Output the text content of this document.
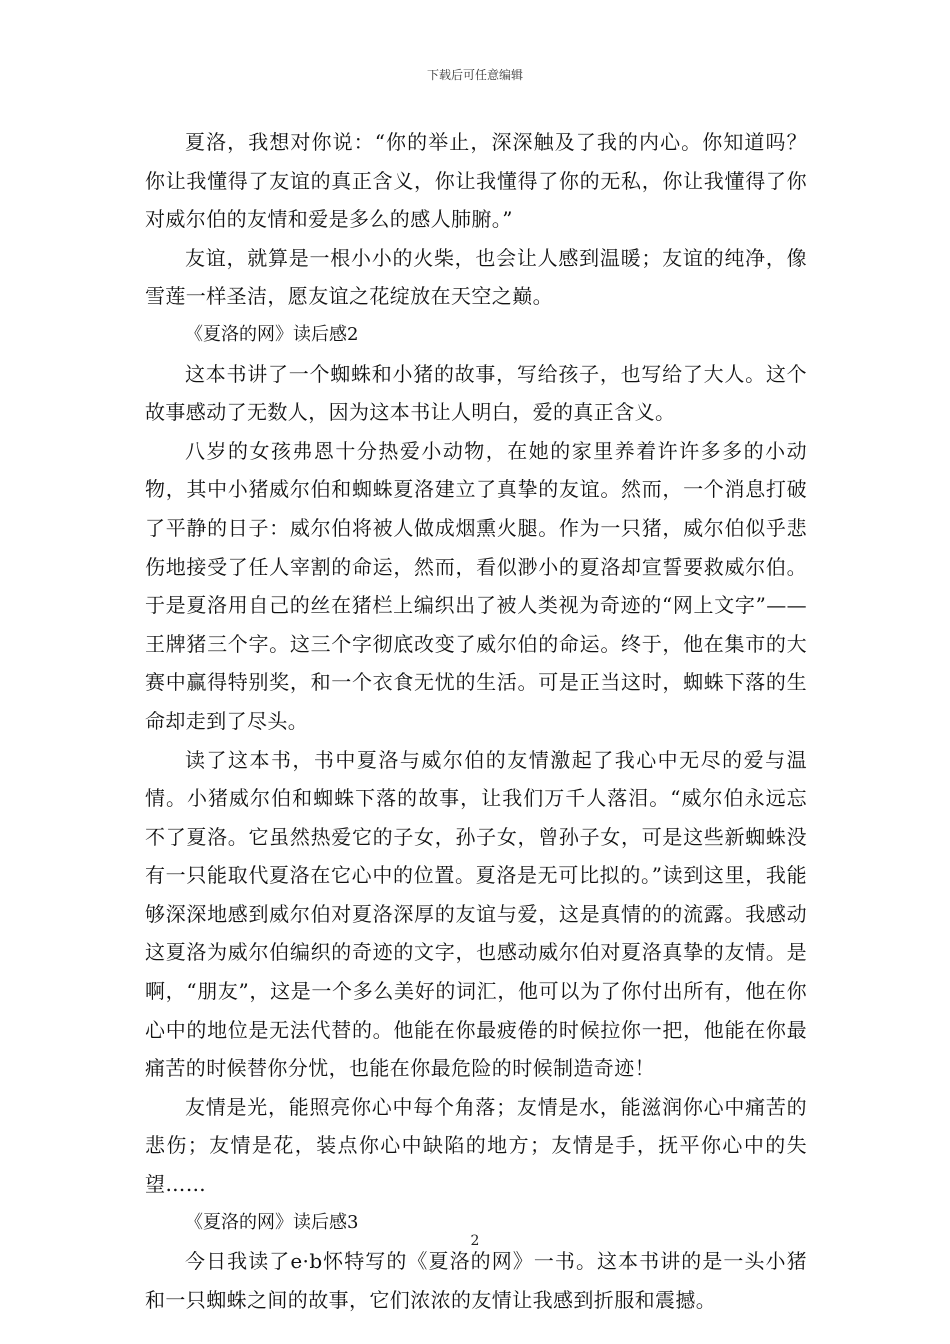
下载后可任意编辑

夏洛，我想对你说：“你的举止，深深触及了我的内心。你知道吗？你让我懂得了友谊的真正含义，你让我懂得了你的无私，你让我懂得了你对威尔伯的友情和爱是多么的感人肺腑。”

友谊，就算是一根小小的火柴，也会让人感到温暖；友谊的纯净，像雪莲一样圣洁，愿友谊之花绽放在天空之巅。

《夏洛的网》读后感2

这本书讲了一个蜘蛛和小猪的故事，写给孩子，也写给了大人。这个故事感动了无数人，因为这本书让人明白，爱的真正含义。

八岁的女孩弗恩十分热爱小动物，在她的家里养着许许多多的小动物，其中小猪威尔伯和蜘蛛夏洛建立了真挚的友谊。然而，一个消息打破了平静的日子：威尔伯将被人做成烟熏火腿。作为一只猪，威尔伯似乎悲伤地接受了任人宰割的命运，然而，看似渺小的夏洛却宣誓要救威尔伯。于是夏洛用自己的丝在猪栏上编织出了被人类视为奇迹的“网上文字”——王牌猪三个字。这三个字彻底改变了威尔伯的命运。终于，他在集市的大赛中赢得特别奖，和一个衣食无忧的生活。可是正当这时，蜘蛛下落的生命却走到了尽头。

读了这本书，书中夏洛与威尔伯的友情激起了我心中无尽的爱与温情。小猪威尔伯和蜘蛛下落的故事，让我们万千人落泪。“威尔伯永远忘不了夏洛。它虽然热爱它的子女，孙子女，曾孙子女，可是这些新蜘蛛没有一只能取代夏洛在它心中的位置。夏洛是无可比拟的。”读到这里，我能够深深地感到威尔伯对夏洛深厚的友谊与爱，这是真情的的流露。我感动这夏洛为威尔伯编织的奇迹的文字，也感动威尔伯对夏洛真挚的友情。是啊，“朋友”，这是一个多么美好的词汇，他可以为了你付出所有，他在你心中的地位是无法代替的。他能在你最疲倦的时候拉你一把，他能在你最痛苦的时候替你分忧，也能在你最危险的时候制造奇迹！

友情是光，能照亮你心中每个角落；友情是水，能滋润你心中痛苦的悲伤；友情是花，装点你心中缺陷的地方；友情是手，抚平你心中的失望……

《夏洛的网》读后感3

今日我读了e·b怀特写的《夏洛的网》一书。这本书讲的是一头小猪和一只蜘蛛之间的故事，它们浓浓的友情让我感到折服和震撼。

2
